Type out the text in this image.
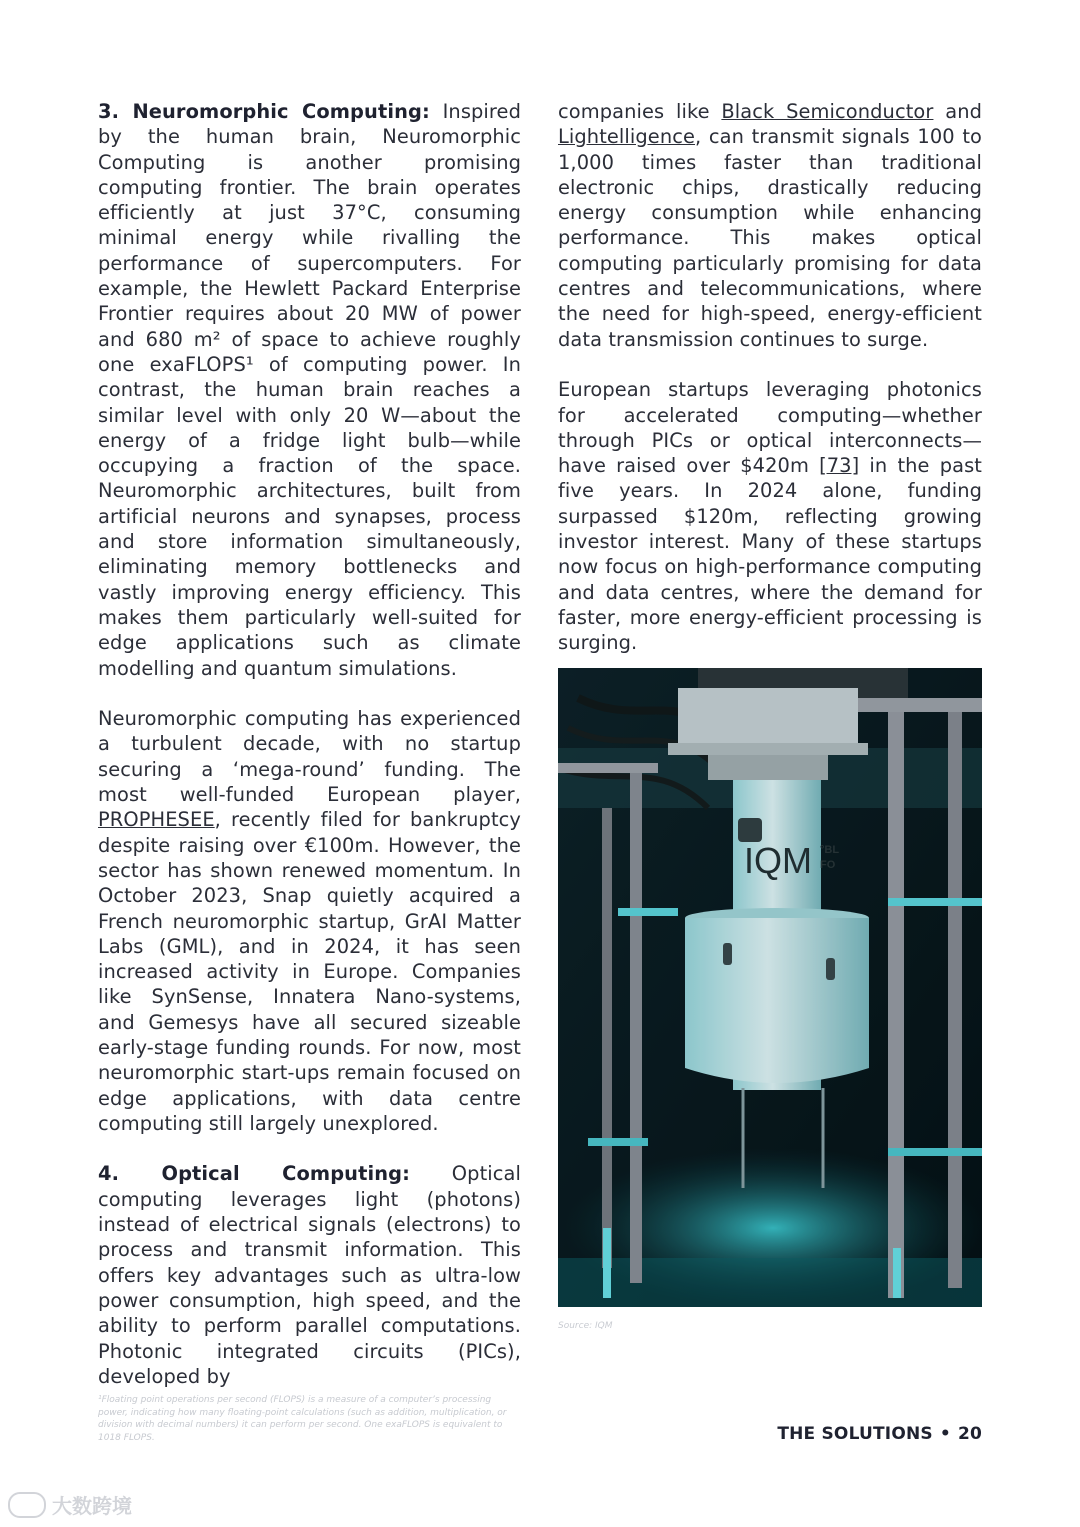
3. Neuromorphic Computing: Inspired by the human brain, Neuromorphic Computing is another promising computing frontier. The brain operates efficiently at just 37°C, consuming minimal energy while rivalling the performance of supercomputers. For example, the Hewlett Packard Enterprise Frontier requires about 20 MW of power and 680 m² of space to achieve roughly one exaFLOPS¹ of computing power. In contrast, the human brain reaches a similar level with only 20 W—about the energy of a fridge light bulb—while occupying a fraction of the space. Neuromorphic architectures, built from artificial neurons and synapses, process and store information simultaneously, eliminating memory bottlenecks and vastly improving energy efficiency. This makes them particularly well-suited for edge applications such as climate modelling and quantum simulations.

Neuromorphic computing has experienced a turbulent decade, with no startup securing a ‘mega-round’ funding. The most well-funded European player, PROPHESEE, recently filed for bankruptcy despite raising over €100m. However, the sector has shown renewed momentum. In October 2023, Snap quietly acquired a French neuromorphic startup, GrAI Matter Labs (GML), and in 2024, it has seen increased activity in Europe. Companies like SynSense, Innatera Nano-systems, and Gemesys have all secured sizeable early-stage funding rounds. For now, most neuromorphic start-ups remain focused on edge applications, with data centre computing still largely unexplored.

4. Optical Computing: Optical computing leverages light (photons) instead of electrical signals (electrons) to process and transmit information. This offers key advantages such as ultra-low power consumption, high speed, and the ability to perform parallel computations. Photonic integrated circuits (PICs), developed by

companies like Black Semiconductor and Lightelligence, can transmit signals 100 to 1,000 times faster than traditional electronic chips, drastically reducing energy consumption while enhancing performance. This makes optical computing particularly promising for data centres and telecommunications, where the need for high-speed, energy-efficient data transmission continues to surge.

European startups leveraging photonics for accelerated computing—whether through PICs or optical interconnects—have raised over $420m [73] in the past five years. In 2024 alone, funding surpassed $120m, reflecting growing investor interest. Many of these startups now focus on high-performance computing and data centres, where the demand for faster, more energy-efficient processing is surging.

IQM °BL
FO
Source: IQM
¹Floating point operations per second (FLOPS) is a measure of a computer’s processing power, indicating how many floating-point calculations (such as addition, multiplication, or division with decimal numbers) it can perform per second. One exaFLOPS is equivalent to 1018 FLOPS.	THE SOLUTIONS • 20
大数跨境
